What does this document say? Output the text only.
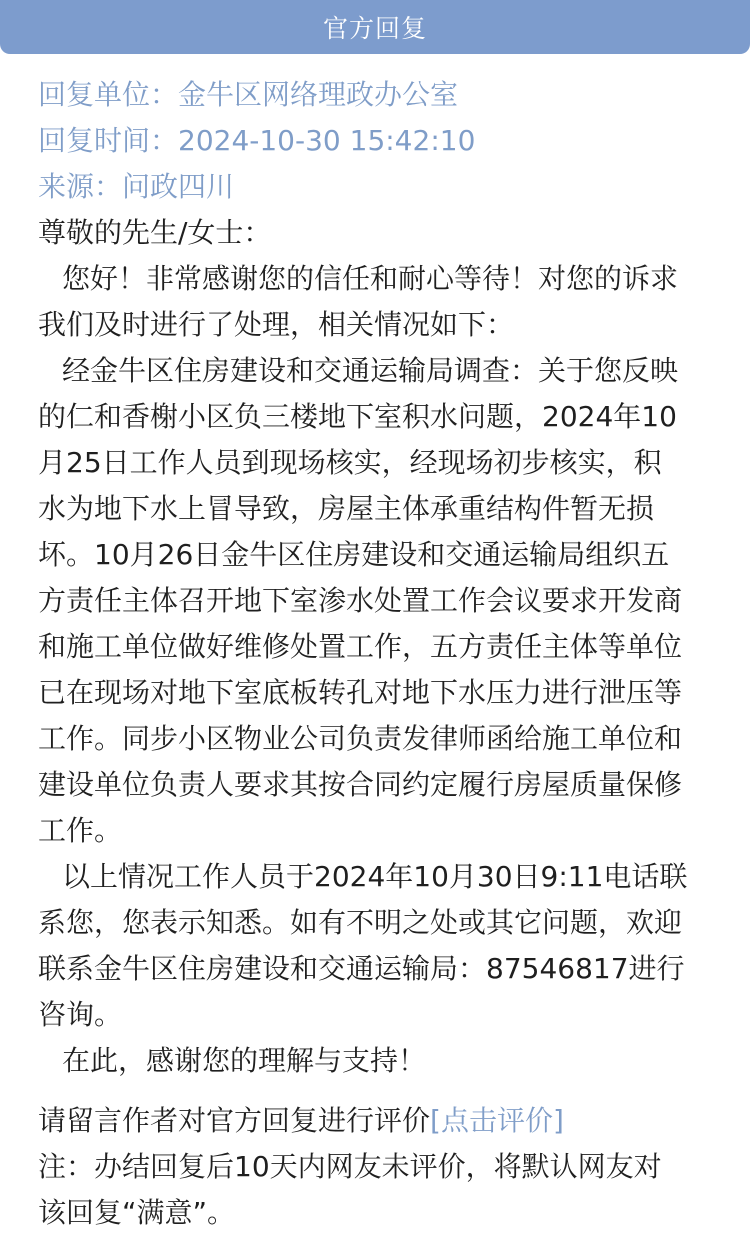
官方回复
回复单位：金牛区网络理政办公室
回复时间：2024-10-30 15:42:10
来源：问政四川
尊敬的先生/女士：
您好！非常感谢您的信任和耐心等待！对您的诉求
我们及时进行了处理，相关情况如下：
经金牛区住房建设和交通运输局调查：关于您反映
的仁和香榭小区负三楼地下室积水问题，2024年10
月25日工作人员到现场核实，经现场初步核实，积
水为地下水上冒导致，房屋主体承重结构件暂无损
坏。10月26日金牛区住房建设和交通运输局组织五
方责任主体召开地下室渗水处置工作会议要求开发商
和施工单位做好维修处置工作，五方责任主体等单位
已在现场对地下室底板转孔对地下水压力进行泄压等
工作。同步小区物业公司负责发律师函给施工单位和
建设单位负责人要求其按合同约定履行房屋质量保修
工作。
以上情况工作人员于2024年10月30日9:11电话联
系您，您表示知悉。如有不明之处或其它问题，欢迎
联系金牛区住房建设和交通运输局：87546817进行
咨询。
在此，感谢您的理解与支持！
请留言作者对官方回复进行评价[点击评价]
注：办结回复后10天内网友未评价，将默认网友对
该回复“满意”。
